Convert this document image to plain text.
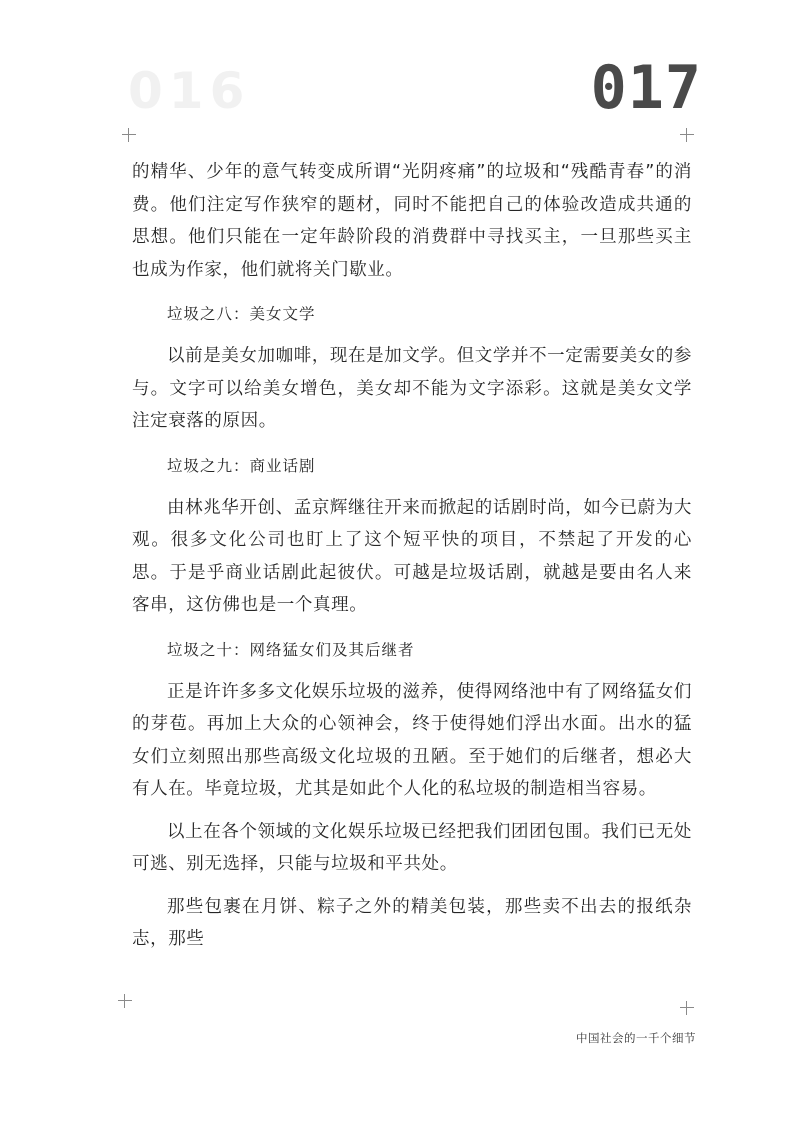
016	017

的精华、少年的意气转变成所谓“光阴疼痛”的垃圾和“残酷青春”的消费。他们注定写作狭窄的题材，同时不能把自己的体验改造成共通的思想。他们只能在一定年龄阶段的消费群中寻找买主，一旦那些买主也成为作家，他们就将关门歇业。

垃圾之八：美女文学

以前是美女加咖啡，现在是加文学。但文学并不一定需要美女的参与。文字可以给美女增色，美女却不能为文字添彩。这就是美女文学注定衰落的原因。

垃圾之九：商业话剧

由林兆华开创、孟京辉继往开来而掀起的话剧时尚，如今已蔚为大观。很多文化公司也盯上了这个短平快的项目，不禁起了开发的心思。于是乎商业话剧此起彼伏。可越是垃圾话剧，就越是要由名人来客串，这仿佛也是一个真理。

垃圾之十：网络猛女们及其后继者

正是许许多多文化娱乐垃圾的滋养，使得网络池中有了网络猛女们的芽苞。再加上大众的心领神会，终于使得她们浮出水面。出水的猛女们立刻照出那些高级文化垃圾的丑陋。至于她们的后继者，想必大有人在。毕竟垃圾，尤其是如此个人化的私垃圾的制造相当容易。

以上在各个领域的文化娱乐垃圾已经把我们团团包围。我们已无处可逃、别无选择，只能与垃圾和平共处。

那些包裹在月饼、粽子之外的精美包装，那些卖不出去的报纸杂志，那些

中国社会的一千个细节
